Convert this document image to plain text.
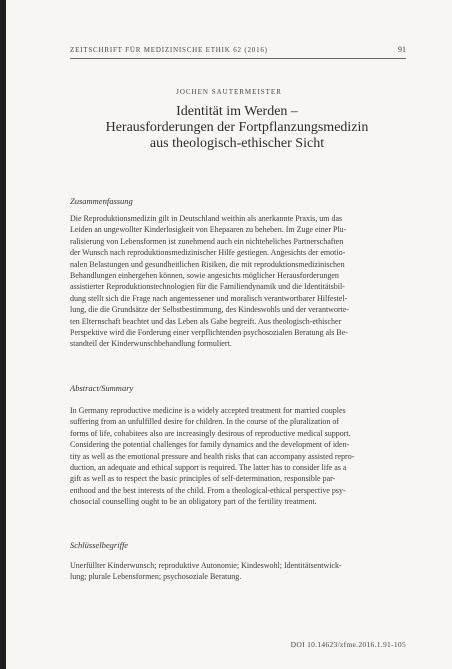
ZEITSCHRIFT FÜR MEDIZINISCHE ETHIK 62 (2016)	91
JOCHEN SAUTERMEISTER
Identität im Werden –
Herausforderungen der Fortpflanzungsmedizin
aus theologisch-ethischer Sicht
Zusammenfassung
Die Reproduktionsmedizin gilt in Deutschland weithin als anerkannte Praxis, um das
Leiden an ungewollter Kinderlosigkeit von Ehepaaren zu beheben. Im Zuge einer Plu-
ralisierung von Lebensformen ist zunehmend auch ein nichteheliches Partnerschaften
der Wunsch nach reproduktionsmedizinischer Hilfe gestiegen. Angesichts der emotio-
nalen Belastungen und gesundheitlichen Risiken, die mit reproduktionsmedizinischen
Behandlungen einhergehen können, sowie angesichts möglicher Herausforderungen
assistierter Reproduktionstechnologien für die Familiendynamik und die Identitätsbil-
dung stellt sich die Frage nach angemessener und moralisch verantwortbarer Hilfestel-
lung, die die Grundsätze der Selbstbestimmung, des Kindeswohls und der verantworte-
ten Elternschaft beachtet und das Leben als Gabe begreift. Aus theologisch-ethischer
Perspektive wird die Forderung einer verpflichtenden psychosozialen Beratung als Be-
standteil der Kinderwunschbehandlung formuliert.
Abstract/Summary
In Germany reproductive medicine is a widely accepted treatment for married couples
suffering from an unfulfilled desire for children. In the course of the pluralization of
forms of life, cohabitees also are increasingly desirous of reproductive medical support.
Considering the potential challenges for family dynamics and the development of iden-
tity as well as the emotional pressure and health risks that can accompany assisted repro-
duction, an adequate and ethical support is required. The latter has to consider life as a
gift as well as to respect the basic principles of self-determination, responsible par-
enthood and the best interests of the child. From a theological-ethical perspective psy-
chosocial counselling ought to be an obligatory part of the fertility treatment.
Schlüsselbegriffe
Unerfüllter Kinderwunsch; reproduktive Autonomie; Kindeswohl; Identitätsentwick-
lung; plurale Lebensformen; psychosoziale Beratung.
DOI 10.14623/zfme.2016.1.91-105
